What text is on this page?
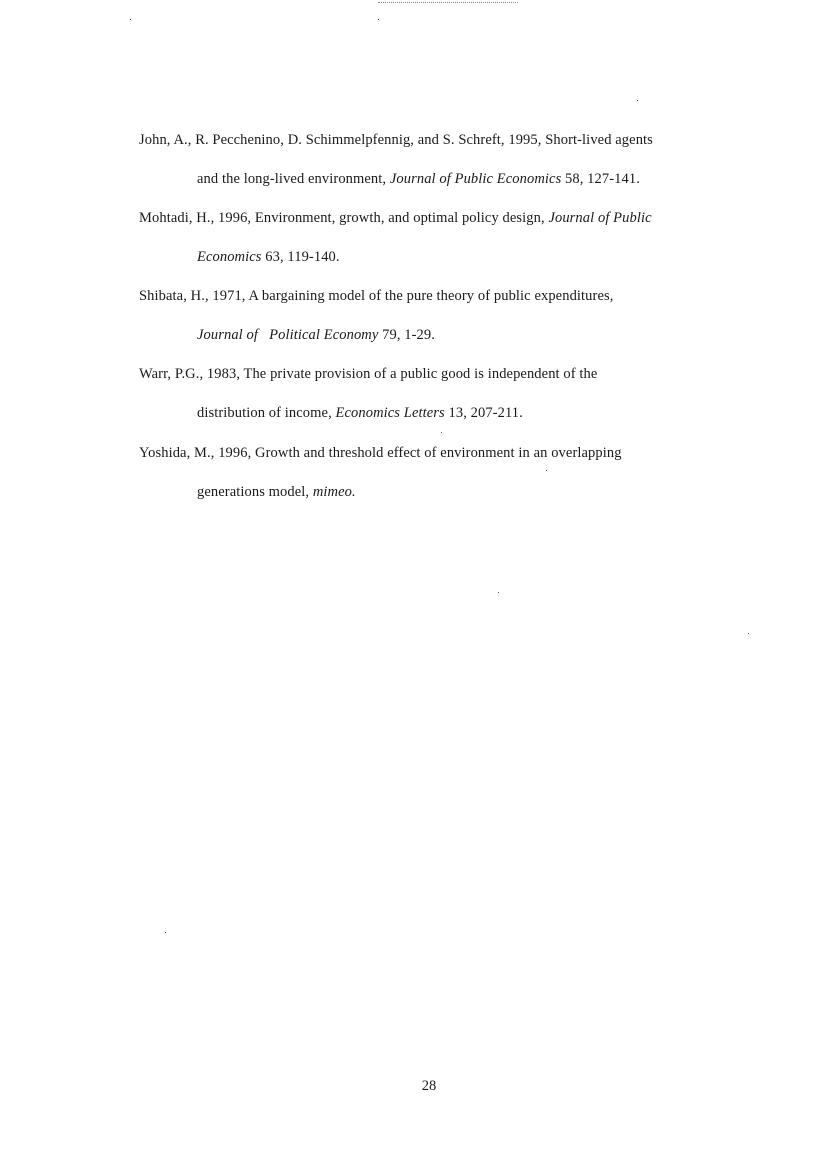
John, A., R. Pecchenino, D. Schimmelpfennig, and S. Schreft, 1995, Short-lived agents
and the long-lived environment, Journal of Public Economics 58, 127-141.
Mohtadi, H., 1996, Environment, growth, and optimal policy design, Journal of Public
Economics 63, 119-140.
Shibata, H., 1971, A bargaining model of the pure theory of public expenditures,
Journal of   Political Economy 79, 1-29.
Warr, P.G., 1983, The private provision of a public good is independent of the
distribution of income, Economics Letters 13, 207-211.
Yoshida, M., 1996, Growth and threshold effect of environment in an overlapping
generations model, mimeo.
28
